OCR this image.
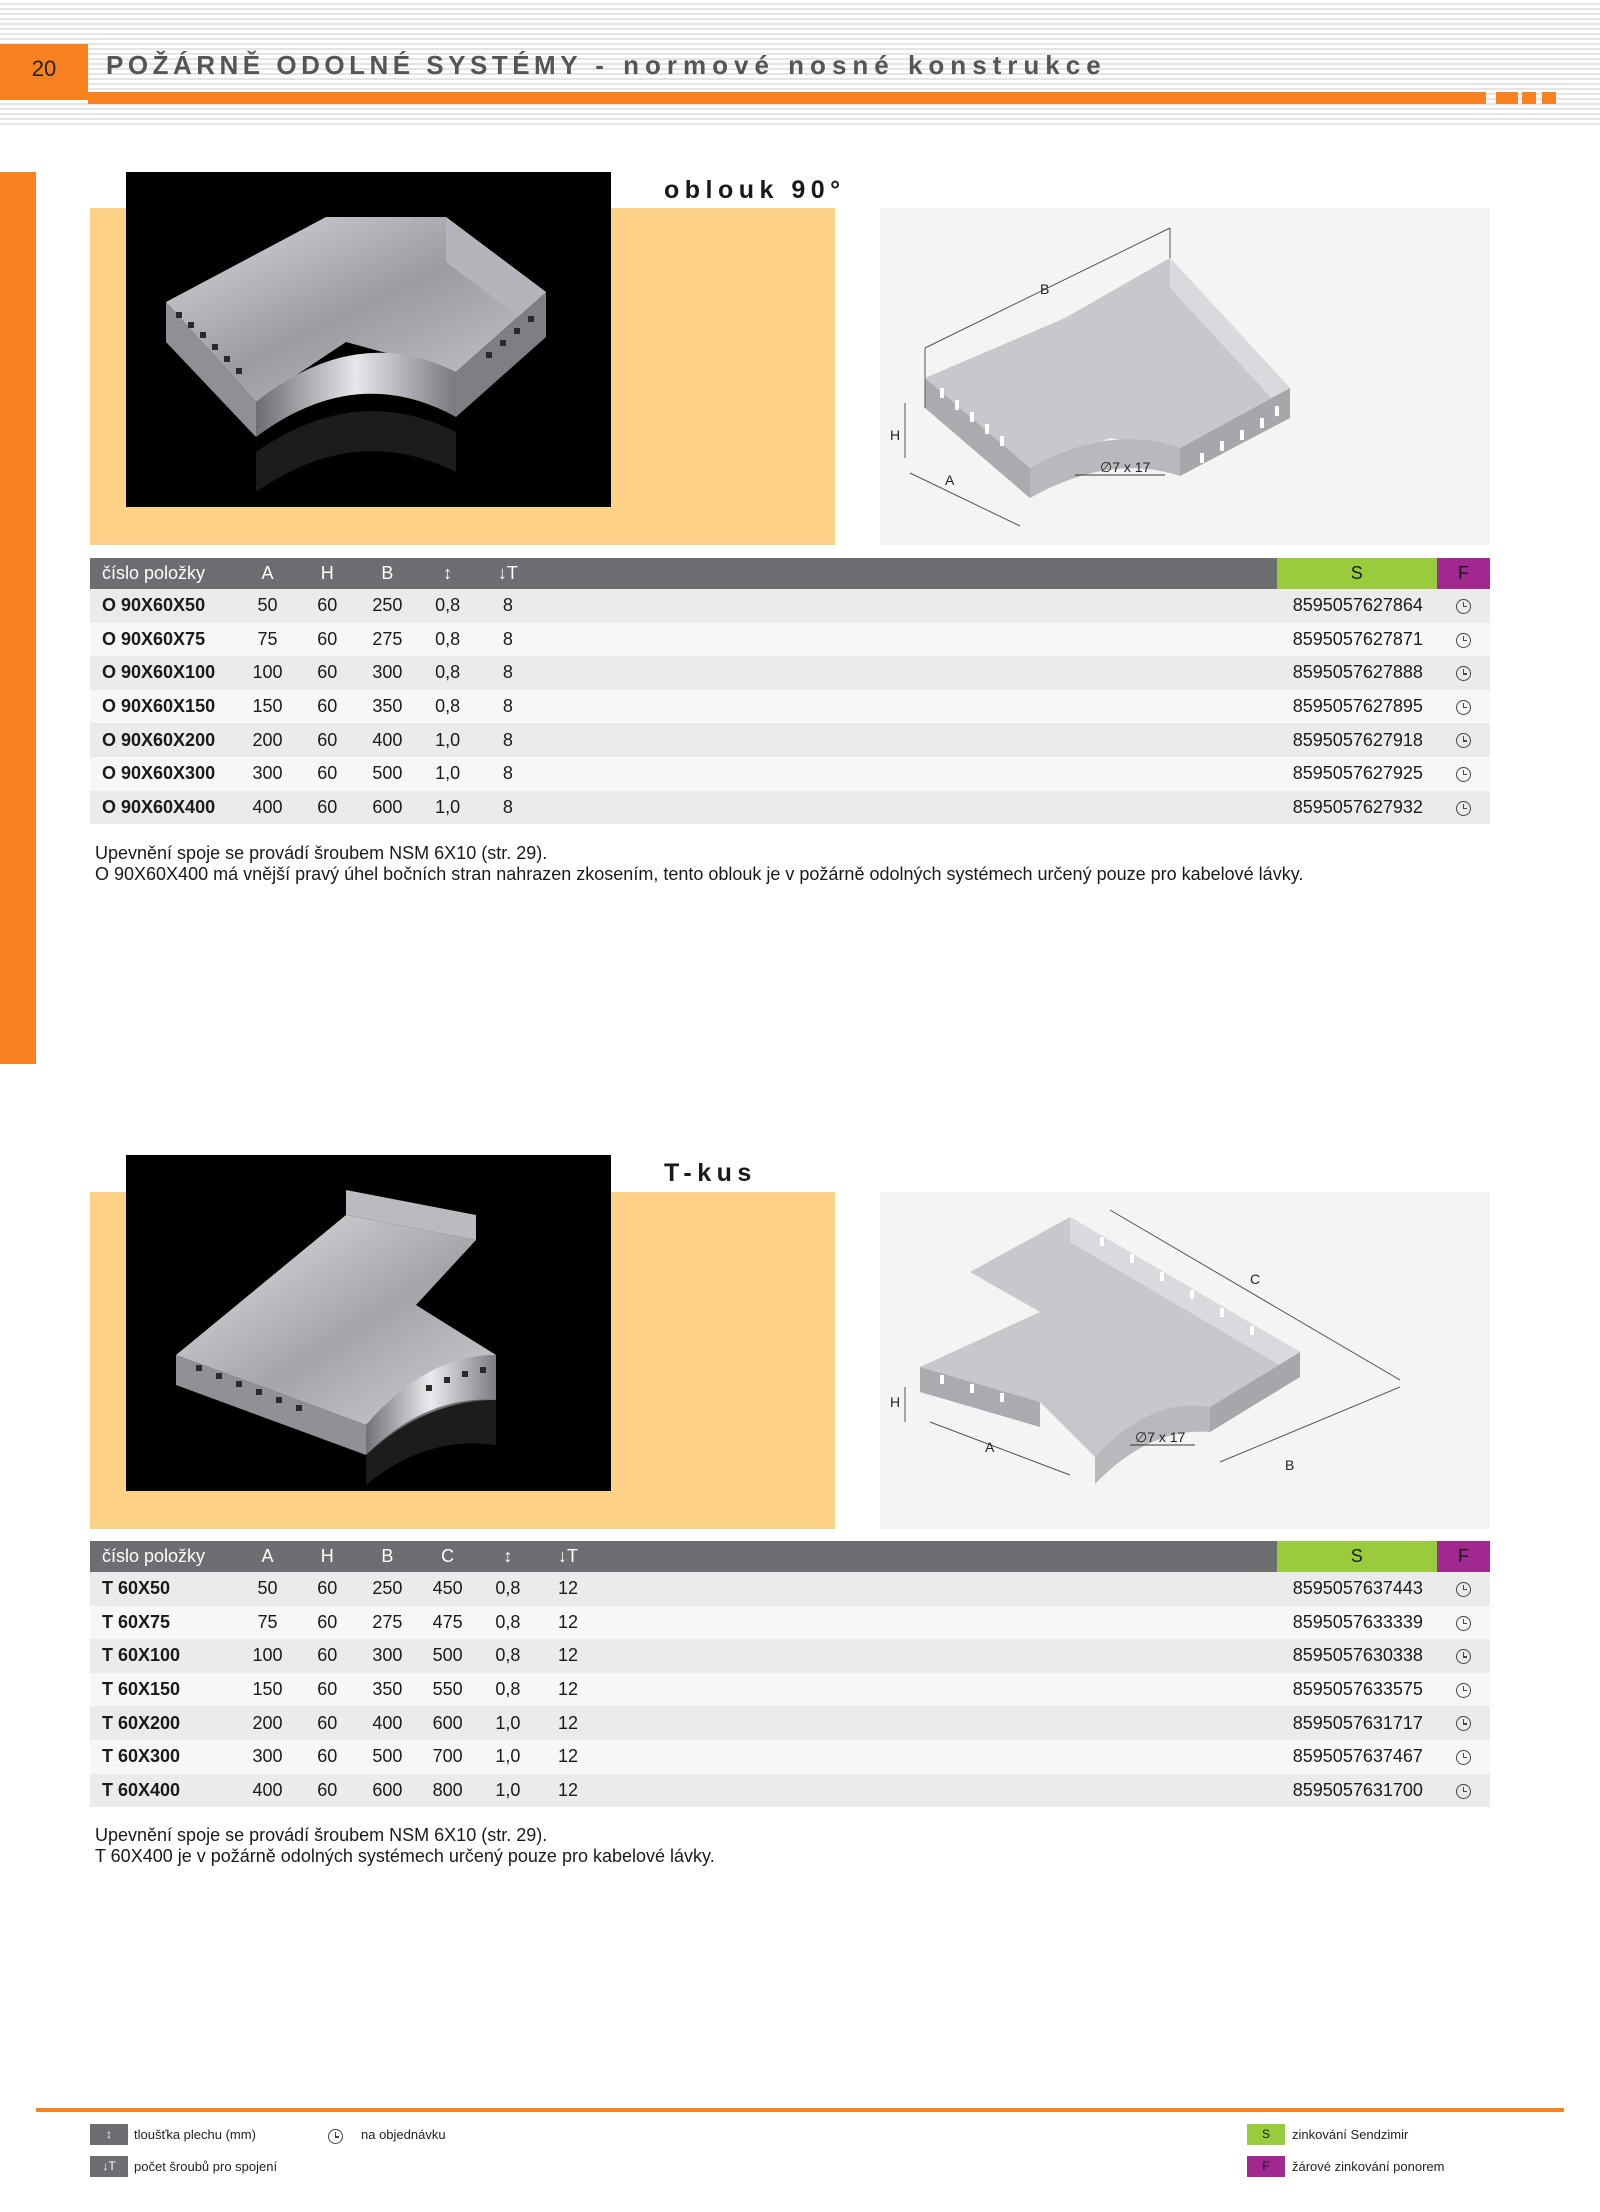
20	POŽÁRNĚ ODOLNÉ SYSTÉMY - normové nosné konstrukce
oblouk 90°
B
H
A
∅7 x 17
číslo položky	A	H	B	↕	↓T		S	F
O 90X60X50	50	60	250	0,8	8		8595057627864	
O 90X60X75	75	60	275	0,8	8		8595057627871	
O 90X60X100	100	60	300	0,8	8		8595057627888	
O 90X60X150	150	60	350	0,8	8		8595057627895	
O 90X60X200	200	60	400	1,0	8		8595057627918	
O 90X60X300	300	60	500	1,0	8		8595057627925	
O 90X60X400	400	60	600	1,0	8		8595057627932	
Upevnění spoje se provádí šroubem NSM 6X10 (str. 29).
O 90X60X400 má vnější pravý úhel bočních stran nahrazen zkosením, tento oblouk je v požárně odolných systémech určený pouze pro kabelové lávky.
T-kus
C
H
A
B
∅7 x 17
číslo položky	A	H	B	C	↕	↓T		S	F
T 60X50	50	60	250	450	0,8	12		8595057637443	
T 60X75	75	60	275	475	0,8	12		8595057633339	
T 60X100	100	60	300	500	0,8	12		8595057630338	
T 60X150	150	60	350	550	0,8	12		8595057633575	
T 60X200	200	60	400	600	1,0	12		8595057631717	
T 60X300	300	60	500	700	1,0	12		8595057637467	
T 60X400	400	60	600	800	1,0	12		8595057631700	
Upevnění spoje se provádí šroubem NSM 6X10 (str. 29).
T 60X400 je v požárně odolných systémech určený pouze pro kabelové lávky.
↕	tloušťka plechu (mm)
↓T	počet šroubů pro spojení
na objednávku	S	zinkování Sendzimir
F	žárové zinkování ponorem
